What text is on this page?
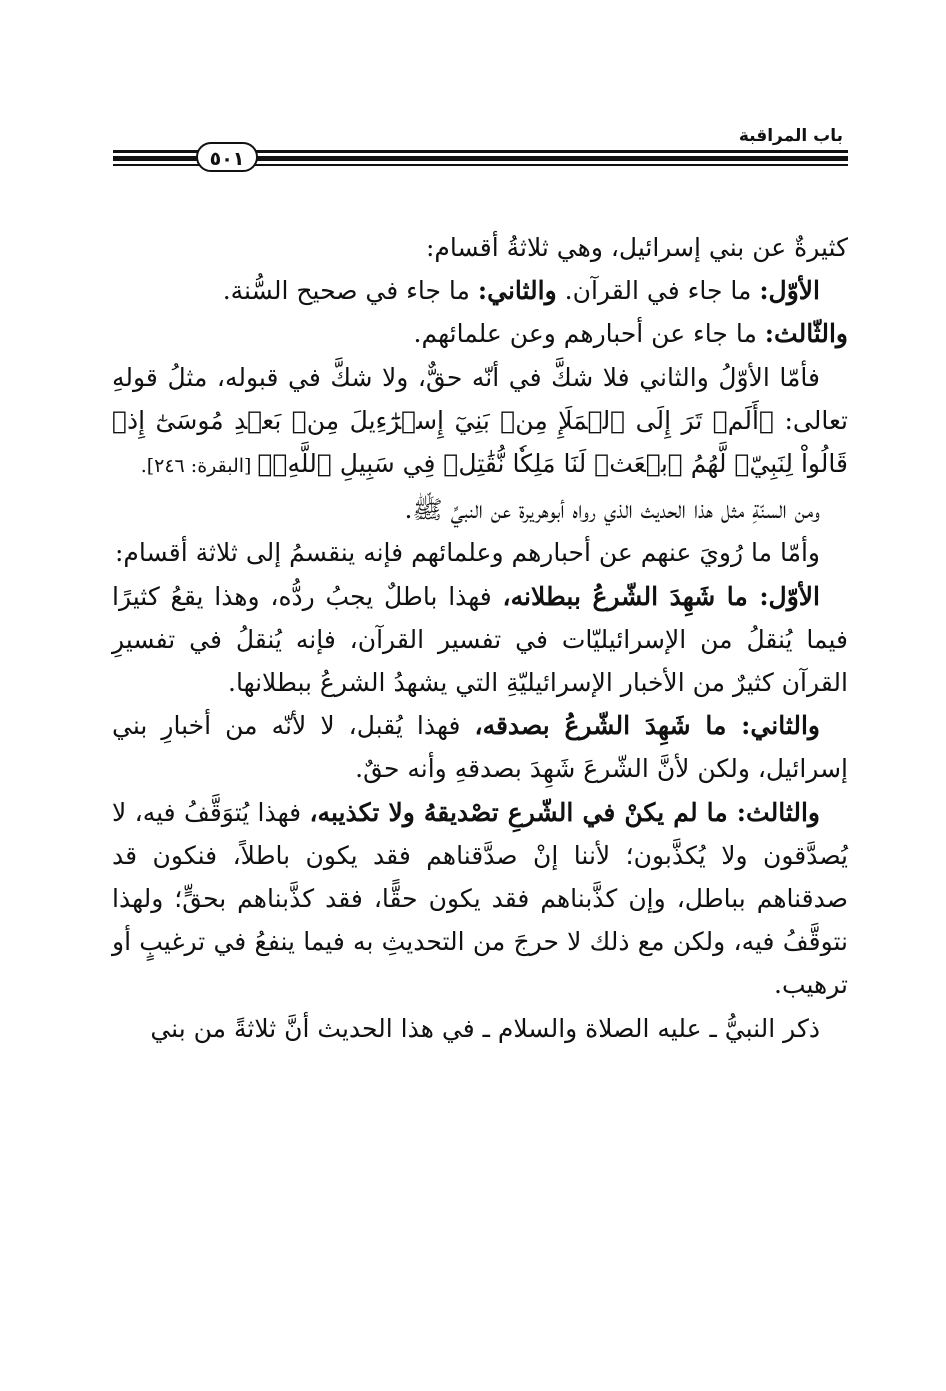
باب المراقبة
٥٠١

كثيرةٌ عن بني إسرائيل، وهي ثلاثةُ أقسام:

الأوّل: ما جاء في القرآن. والثاني: ما جاء في صحيح السُّنة.

والثّالث: ما جاء عن أحبارهم وعن علمائهم.

فأمّا الأوّلُ والثاني فلا شكَّ في أنّه حقٌّ، ولا شكَّ في قبوله، مثلُ قولهِ تعالى: ﴿أَلَمۡ تَرَ إِلَى ٱلۡمَلَإِ مِنۢ بَنِيٓ إِسۡرَٰٓءِيلَ مِنۢ بَعۡدِ مُوسَىٰٓ إِذۡ قَالُواْ لِنَبِيّٖ لَّهُمُ ٱبۡعَثۡ لَنَا مَلِكٗا نُّقَٰتِلۡ فِي سَبِيلِ ٱللَّهِۖ﴾ [البقرة: ٢٤٦].

ومن السنّةِ مثل هذا الحديث الذي رواه أبوهريرة عن النبيِّ ﷺ.

وأمّا ما رُويَ عنهم عن أحبارهم وعلمائهم فإنه ينقسمُ إلى ثلاثة أقسام:

الأوّل: ما شَهِدَ الشّرعُ ببطلانه، فهذا باطلٌ يجبُ ردُّه، وهذا يقعُ كثيرًا فيما يُنقلُ من الإسرائيليّات في تفسير القرآن، فإنه يُنقلُ في تفسيرِ القرآن كثيرٌ من الأخبار الإسرائيليّةِ التي يشهدُ الشرعُ ببطلانها.

والثاني: ما شَهِدَ الشّرعُ بصدقه، فهذا يُقبل، لا لأنّه من أخبارِ بني إسرائيل، ولكن لأنَّ الشّرعَ شَهِدَ بصدقهِ وأنه حقٌ.

والثالث: ما لم يكنْ في الشّرعِ تصْديقهُ ولا تكذيبه، فهذا يُتوَقَّفُ فيه، لا يُصدَّقون ولا يُكذَّبون؛ لأننا إنْ صدَّقناهم فقد يكون باطلاً، فنكون قد صدقناهم بباطل، وإن كذَّبناهم فقد يكون حقًّا، فقد كذَّبناهم بحقٍّ؛ ولهذا نتوقَّفُ فيه، ولكن مع ذلك لا حرجَ من التحديثِ به فيما ينفعُ في ترغيبٍ أو ترهيب.

ذكر النبيُّ ـ عليه الصلاة والسلام ـ في هذا الحديث أنَّ ثلاثةً من بني
